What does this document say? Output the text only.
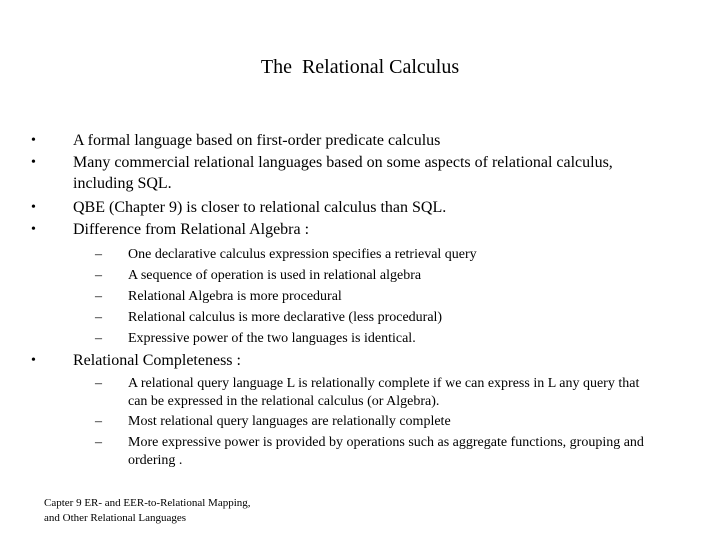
The  Relational Calculus
• A formal language based on first-order predicate calculus
• Many commercial relational languages based on some aspects of relational calculus, including SQL.
• QBE (Chapter 9) is closer to relational calculus than SQL.
• Difference from Relational Algebra :
– One declarative calculus expression specifies a retrieval query
– A sequence of operation is used in relational algebra
– Relational Algebra is more procedural
– Relational calculus is more declarative (less procedural)
– Expressive power of the two languages is identical.
• Relational Completeness :
– A relational query language L is relationally complete if we can express in L any query that can be expressed in the relational calculus (or Algebra).
– Most relational query languages are relationally complete
– More expressive power is provided by operations such as aggregate functions, grouping and ordering .
Capter 9 ER- and EER-to-Relational Mapping,
and Other Relational Languages
